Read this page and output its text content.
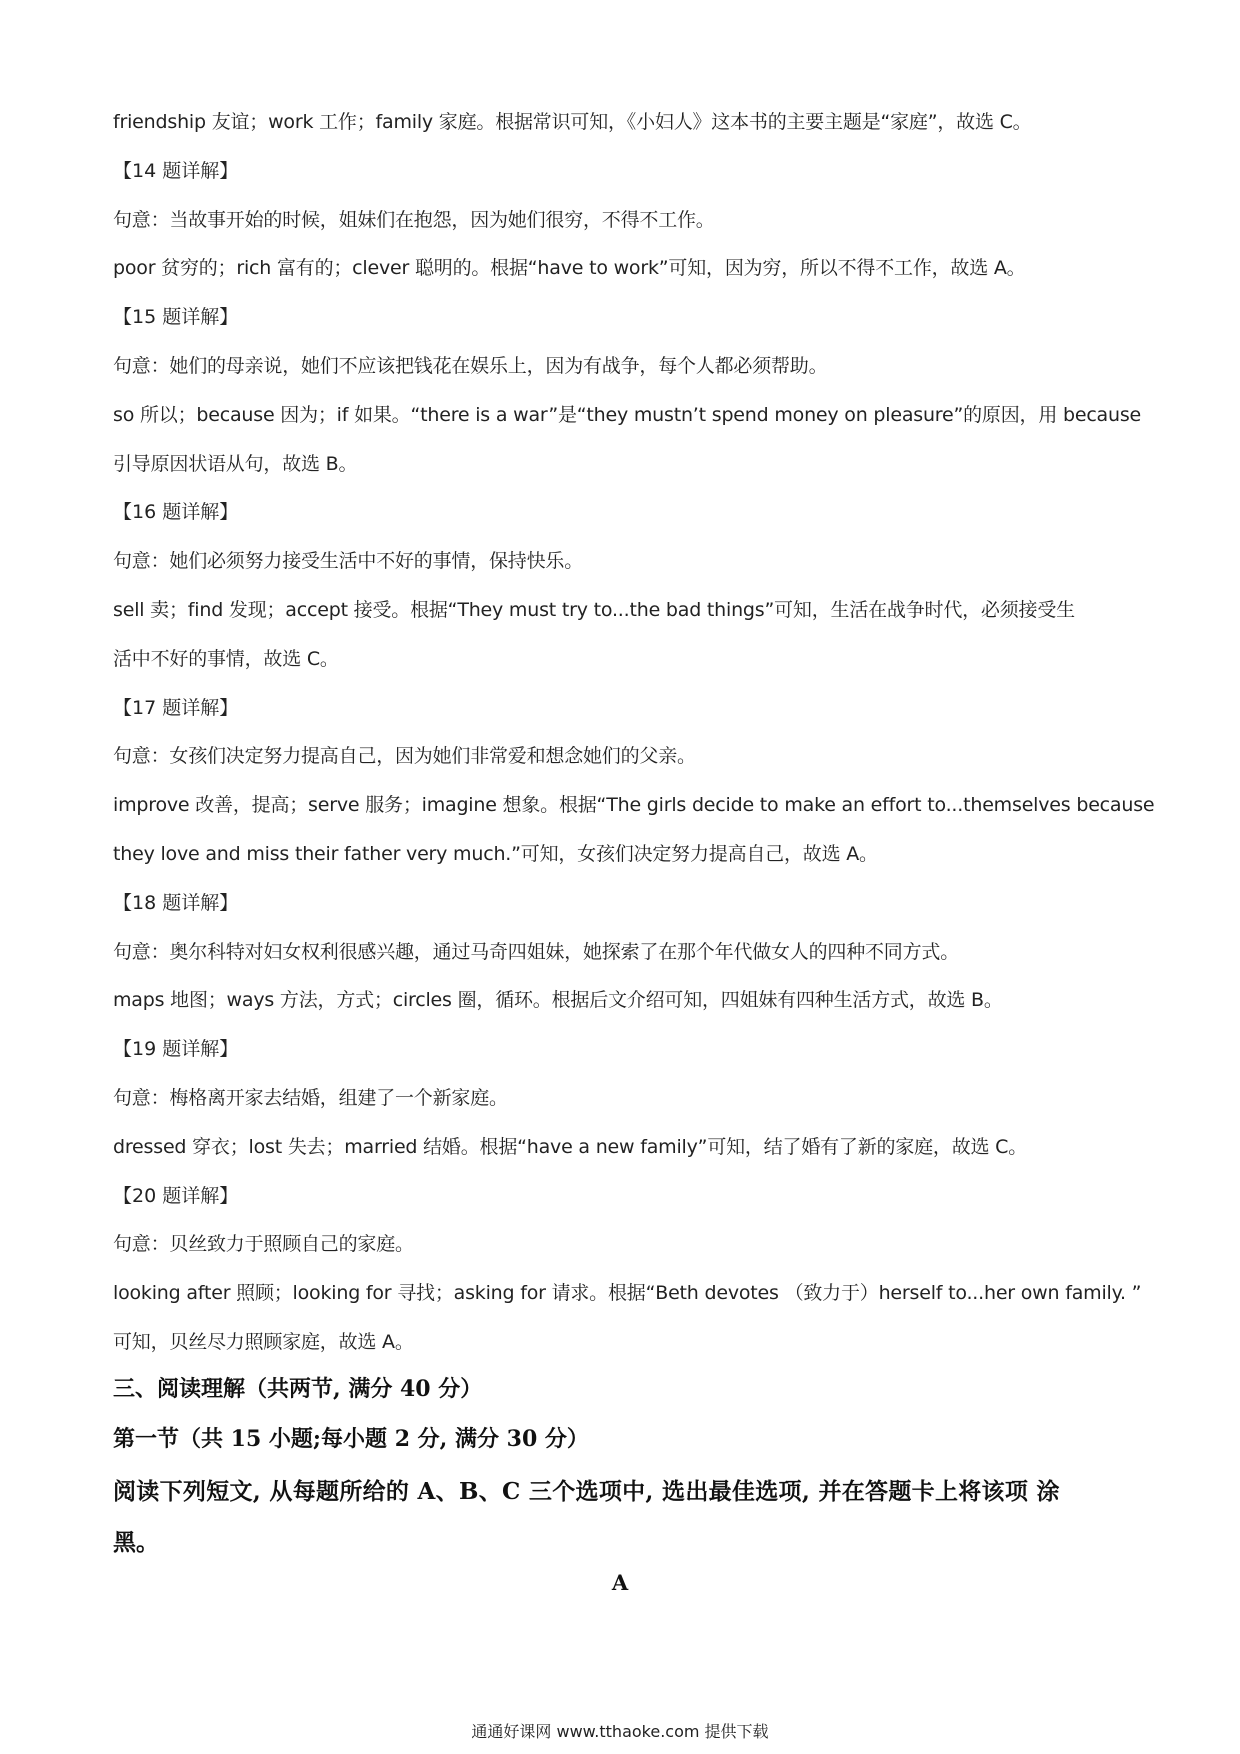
friendship 友谊；work 工作；family 家庭。根据常识可知，《小妇人》这本书的主要主题是“家庭”，故选 C。
【14 题详解】
句意：当故事开始的时候，姐妹们在抱怨，因为她们很穷，不得不工作。
poor 贫穷的；rich 富有的；clever 聪明的。根据“have to work”可知，因为穷，所以不得不工作，故选 A。
【15 题详解】
句意：她们的母亲说，她们不应该把钱花在娱乐上，因为有战争，每个人都必须帮助。
so 所以；because 因为；if 如果。“there is a war”是“they mustn’t spend money on pleasure”的原因，用 because
引导原因状语从句，故选 B。
【16 题详解】
句意：她们必须努力接受生活中不好的事情，保持快乐。
sell 卖；find 发现；accept 接受。根据“They must try to...the bad things”可知，生活在战争时代，必须接受生
活中不好的事情，故选 C。
【17 题详解】
句意：女孩们决定努力提高自己，因为她们非常爱和想念她们的父亲。
improve 改善，提高；serve 服务；imagine 想象。根据“The girls decide to make an effort to...themselves because
they love and miss their father very much.”可知，女孩们决定努力提高自己，故选 A。
【18 题详解】
句意：奥尔科特对妇女权利很感兴趣，通过马奇四姐妹，她探索了在那个年代做女人的四种不同方式。
maps 地图；ways 方法，方式；circles 圈，循环。根据后文介绍可知，四姐妹有四种生活方式，故选 B。
【19 题详解】
句意：梅格离开家去结婚，组建了一个新家庭。
dressed 穿衣；lost 失去；married 结婚。根据“have a new family”可知，结了婚有了新的家庭，故选 C。
【20 题详解】
句意：贝丝致力于照顾自己的家庭。
looking after 照顾；looking for 寻找；asking for 请求。根据“Beth devotes （致力于）herself to...her own family. ”
可知，贝丝尽力照顾家庭，故选 A。
三、阅读理解（共两节, 满分 40 分）
第一节（共 15 小题;每小题 2 分, 满分 30 分）
阅读下列短文, 从每题所给的 A、B、C 三个选项中, 选出最佳选项, 并在答题卡上将该项 涂
黑。
A
通通好课网 www.tthaoke.com 提供下载
